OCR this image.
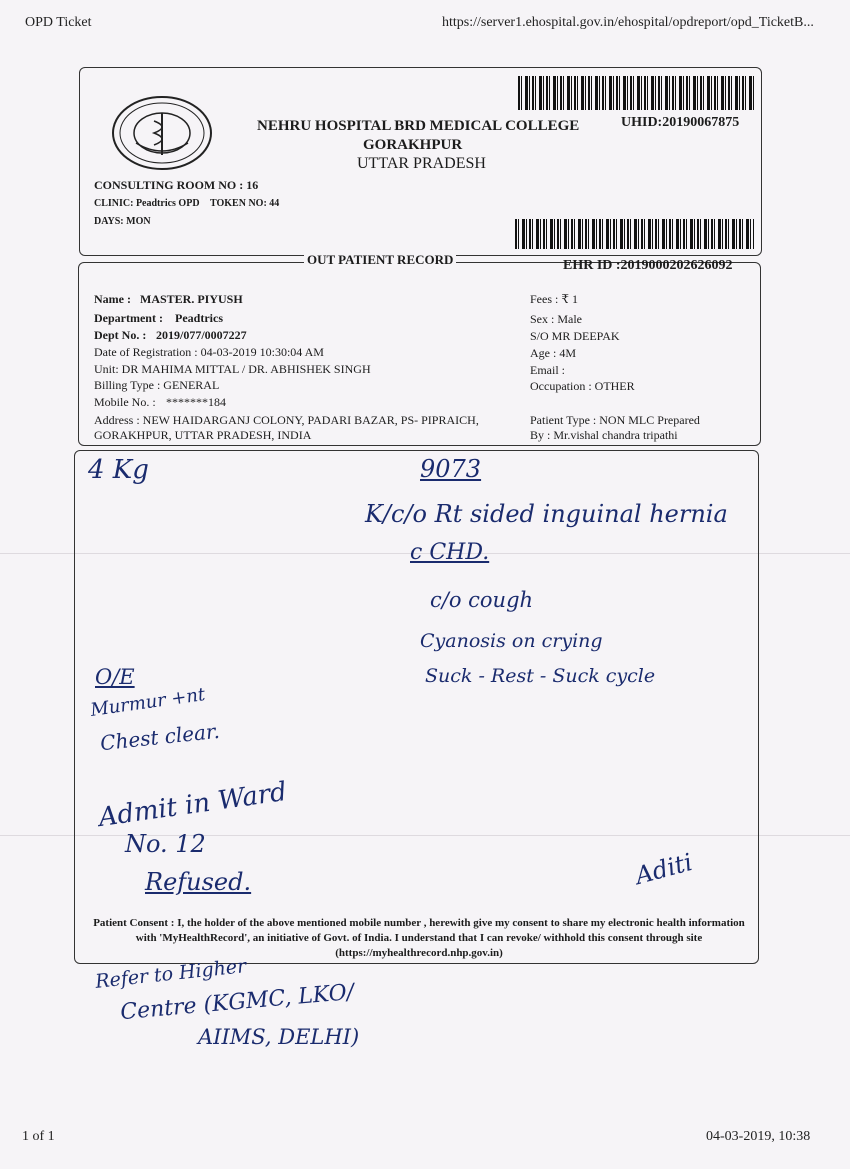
OPD Ticket	https://server1.ehospital.gov.in/ehospital/opdreport/opd_TicketB...
1 of 1	04-03-2019, 10:38
NEHRU HOSPITAL BRD MEDICAL COLLEGE
GORAKHPUR
UTTAR PRADESH
UHID:20190067875
CONSULTING ROOM NO : 16
CLINIC: Peadtrics OPD TOKEN NO: 44
DAYS: MON
OUT PATIENT RECORD	EHR ID :2019000202626092
Name : MASTER. PIYUSH
Department : Peadtrics
Dept No. : 2019/077/0007227
Date of Registration : 04-03-2019 10:30:04 AM
Unit: DR MAHIMA MITTAL / DR. ABHISHEK SINGH
Billing Type : GENERAL
Mobile No. : *******184
Address : NEW HAIDARGANJ COLONY, PADARI BAZAR, PS- PIPRAICH,
GORAKHPUR, UTTAR PRADESH, INDIA
Fees : ₹ 1
Sex : Male
S/O MR DEEPAK
Age : 4M
Email :
Occupation : OTHER
Patient Type : NON MLC Prepared
By : Mr.vishal chandra tripathi
4 Kg	9073
K/c/o Rt sided inguinal hernia
c CHD.
c/o cough
Cyanosis on crying
Suck - Rest - Suck cycle
O/E
Murmur +nt
Chest clear.
Admit in Ward
No. 12
Refused.	Aditi
Patient Consent : I, the holder of the above mentioned mobile number , herewith give my consent to share my electronic health information with 'MyHealthRecord', an initiative of Govt. of India. I understand that I can revoke/ withhold this consent through site (https://myhealthrecord.nhp.gov.in)
Refer to Higher
Centre (KGMC, LKO/
AIIMS, DELHI)
